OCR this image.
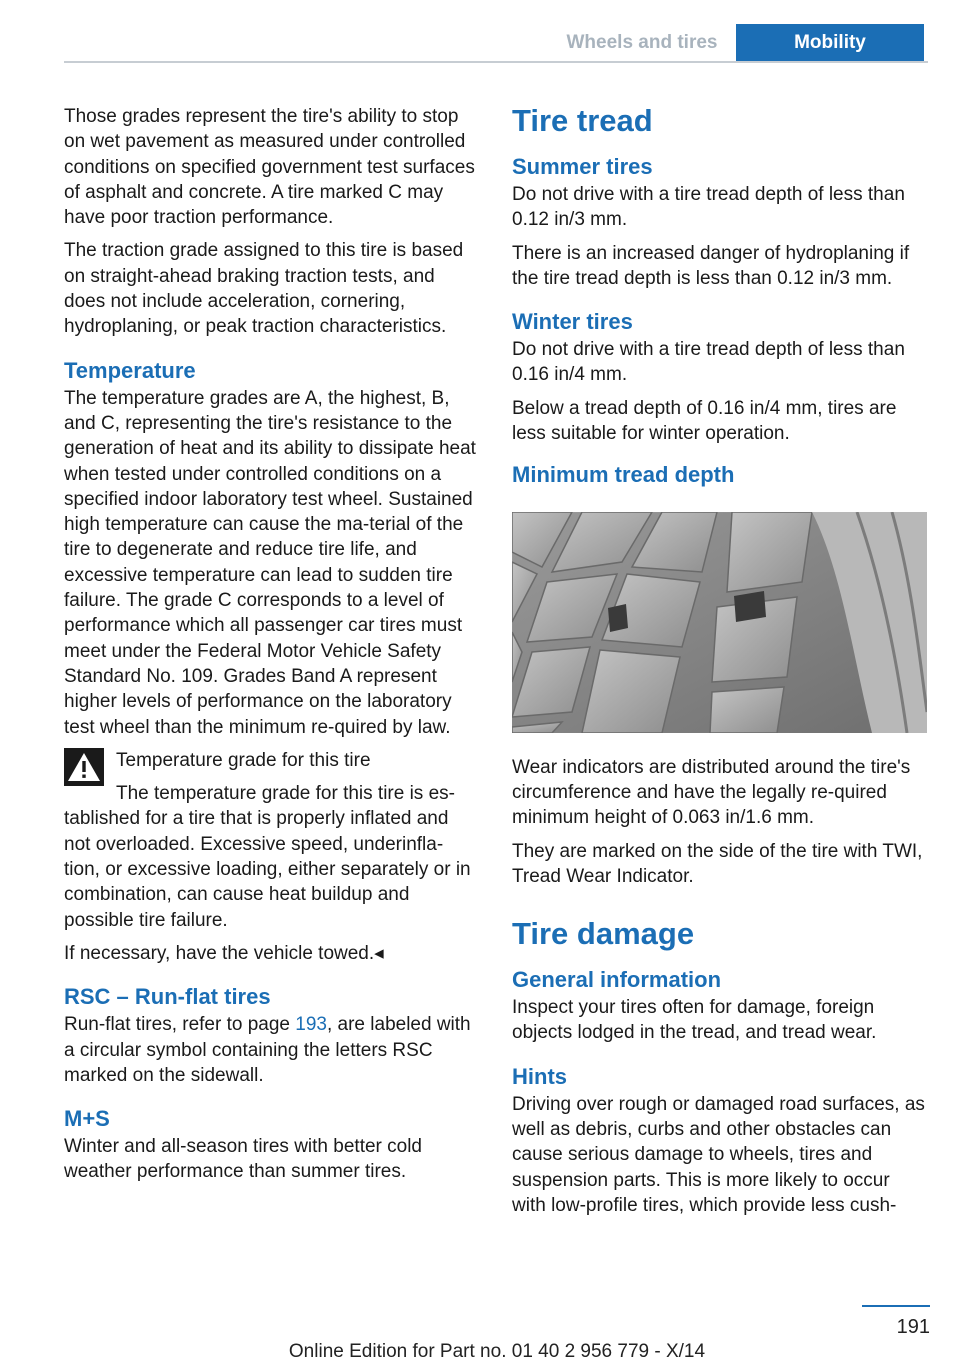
Wheels and tires	Mobility

Those grades represent the tire's ability to stop on wet pavement as measured under controlled conditions on specified government test surfaces of asphalt and concrete. A tire marked C may have poor traction performance.

The traction grade assigned to this tire is based on straight-ahead braking traction tests, and does not include acceleration, cornering, hydroplaning, or peak traction characteristics.

Temperature

The temperature grades are A, the highest, B, and C, representing the tire's resistance to the generation of heat and its ability to dissipate heat when tested under controlled conditions on a specified indoor laboratory test wheel. Sustained high temperature can cause the ma-terial of the tire to degenerate and reduce tire life, and excessive temperature can lead to sudden tire failure. The grade C corresponds to a level of performance which all passenger car tires must meet under the Federal Motor Vehicle Safety Standard No. 109. Grades Band A represent higher levels of performance on the laboratory test wheel than the minimum re-quired by law.

Temperature grade for this tire

The temperature grade for this tire is es-tablished for a tire that is properly inflated and not overloaded. Excessive speed, underinfla-tion, or excessive loading, either separately or in combination, can cause heat buildup and possible tire failure.

If necessary, have the vehicle towed.◂

RSC – Run-flat tires

Run-flat tires, refer to page 193, are labeled with a circular symbol containing the letters RSC marked on the sidewall.

M+S

Winter and all-season tires with better cold weather performance than summer tires.

Tire tread
Summer tires

Do not drive with a tire tread depth of less than 0.12 in/3 mm.

There is an increased danger of hydroplaning if the tire tread depth is less than 0.12 in/3 mm.

Winter tires

Do not drive with a tire tread depth of less than 0.16 in/4 mm.

Below a tread depth of 0.16 in/4 mm, tires are less suitable for winter operation.

Minimum tread depth

Wear indicators are distributed around the tire's circumference and have the legally re-quired minimum height of 0.063 in/1.6 mm.

They are marked on the side of the tire with TWI, Tread Wear Indicator.

Tire damage
General information

Inspect your tires often for damage, foreign objects lodged in the tread, and tread wear.

Hints

Driving over rough or damaged road surfaces, as well as debris, curbs and other obstacles can cause serious damage to wheels, tires and suspension parts. This is more likely to occur with low-profile tires, which provide less cush-

191
Online Edition for Part no. 01 40 2 956 779 - X/14
